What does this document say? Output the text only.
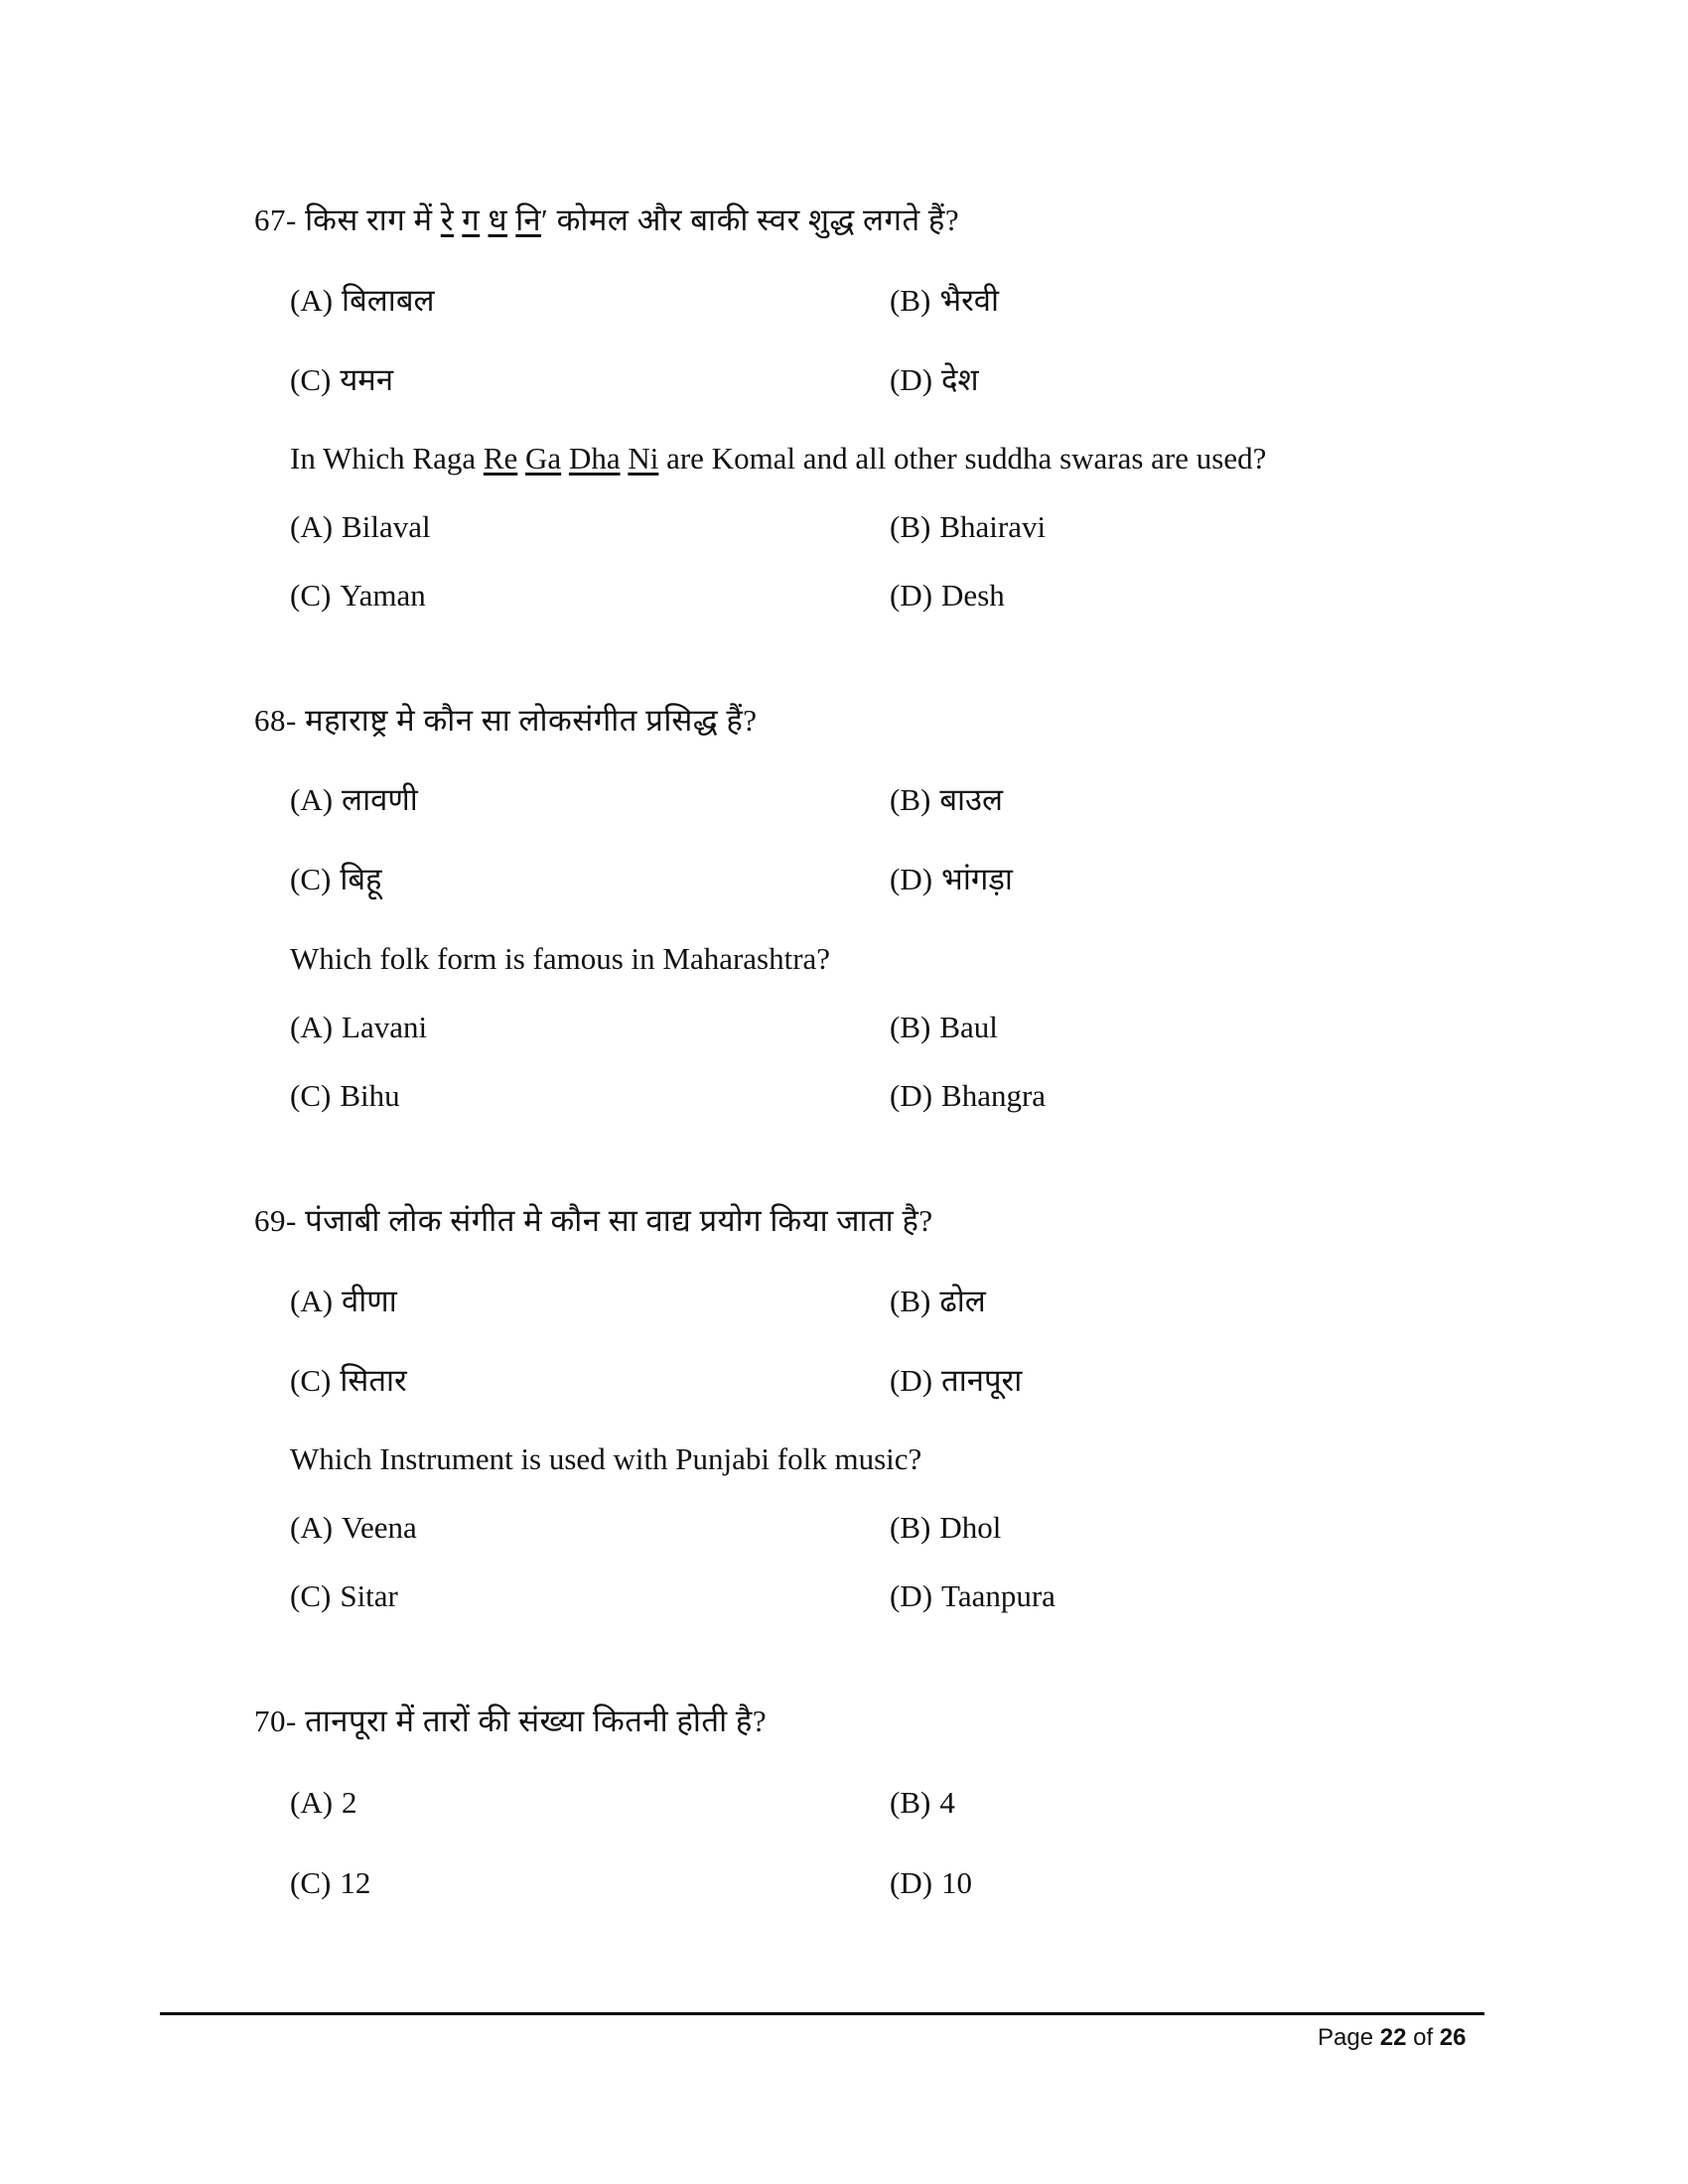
67- किस राग में रे ग ध नि′ कोमल और बाकी स्वर शुद्ध लगते हैं?
(A) बिलाबल	(B) भैरवी
(C) यमन	(D) देश
In Which Raga Re Ga Dha Ni are Komal and all other suddha swaras are used?
(A) Bilaval	(B) Bhairavi
(C) Yaman	(D) Desh
68- महाराष्ट्र मे कौन सा लोकसंगीत प्रसिद्ध हैं?
(A) लावणी	(B) बाउल
(C) बिहू	(D) भांगड़ा
Which folk form is famous in Maharashtra?
(A) Lavani	(B) Baul
(C) Bihu	(D) Bhangra
69- पंजाबी लोक संगीत मे कौन सा वाद्य प्रयोग किया जाता है?
(A) वीणा	(B) ढोल
(C) सितार	(D) तानपूरा
Which Instrument is used with Punjabi folk music?
(A) Veena	(B) Dhol
(C) Sitar	(D) Taanpura
70- तानपूरा में तारों की संख्या कितनी होती है?
(A) 2	(B) 4
(C) 12	(D) 10
Page 22 of 26
